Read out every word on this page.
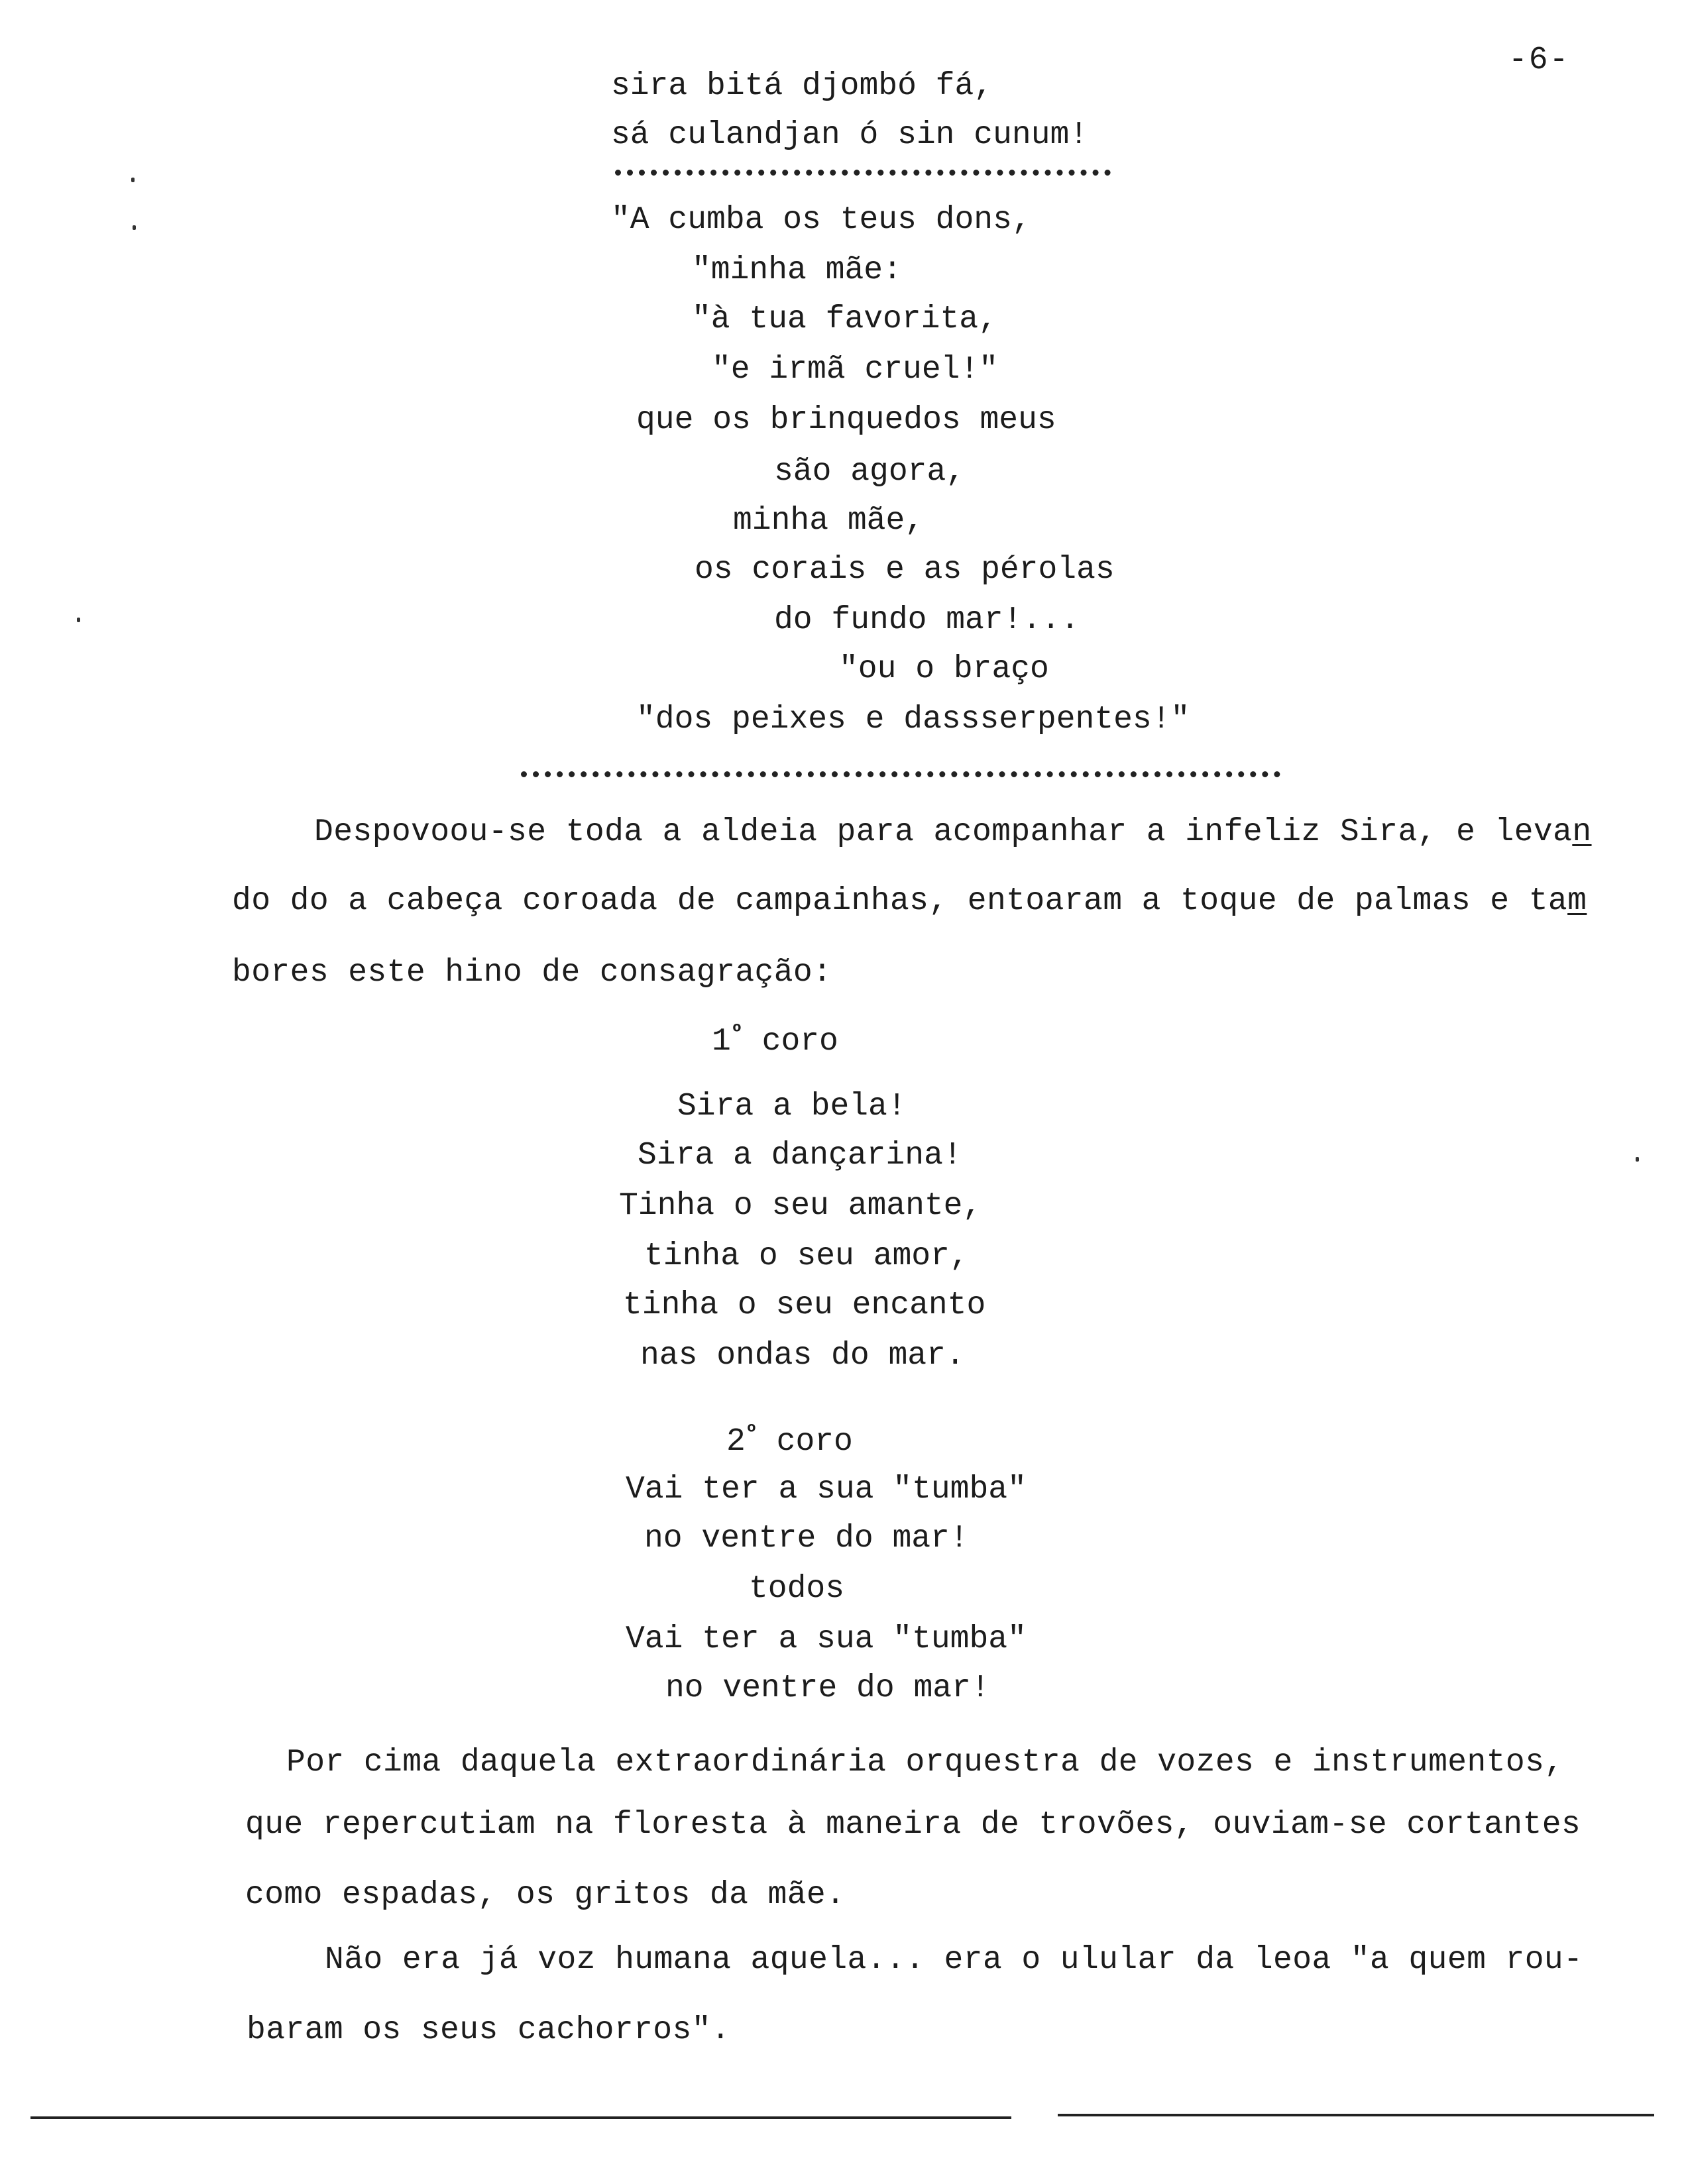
-6-
sira bitá djombó fá,
sá culandjan ó sin cunum!
"A cumba os teus dons,
"minha mãe:
"à tua favorita,
"e irmã cruel!"
que os brinquedos meus
são agora,
minha mãe,
os corais e as pérolas
do fundo mar!...
"ou o braço
"dos peixes e dassserpentes!"
Despovoou-se toda a aldeia para acompanhar a infeliz Sira, e levan
do do a cabeça coroada de campainhas, entoaram a toque de palmas e tam
bores este hino de consagração:
$1^º$ coro
Sira a bela!
Sira a dançarina!
Tinha o seu amante,
tinha o seu amor,
tinha o seu encanto
nas ondas do mar.
$2^º$ coro
Vai ter a sua "tumba"
no ventre do mar!
todos
Vai ter a sua "tumba"
no ventre do mar!
Por cima daquela extraordinária orquestra de vozes e instrumentos,
que repercutiam na floresta à maneira de trovões, ouviam-se cortantes
como espadas, os gritos da mãe.
Não era já voz humana aquela... era o ulular da leoa "a quem rou-
baram os seus cachorros".
